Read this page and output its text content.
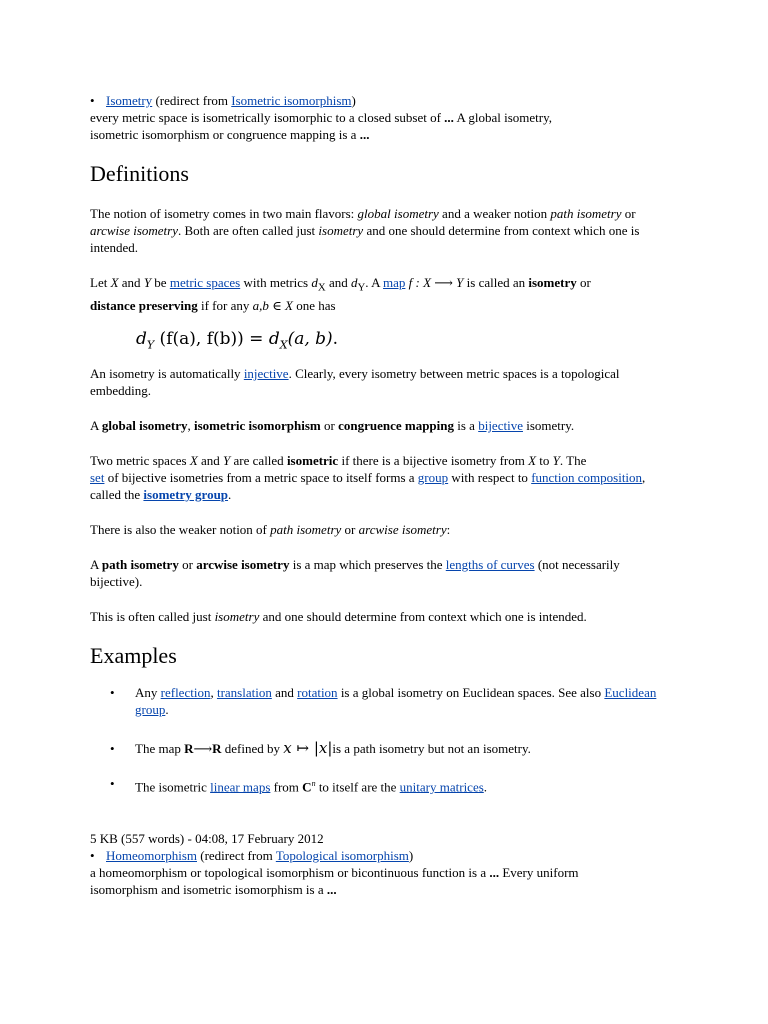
• Isometry (redirect from Isometric isomorphism)
every metric space is isometrically isomorphic to a closed subset of ... A global isometry,
isometric isomorphism or congruence mapping is a ...
Definitions

The notion of isometry comes in two main flavors: global isometry and a weaker notion path isometry or arcwise isometry. Both are often called just isometry and one should determine from context which one is intended.

Let X and Y be metric spaces with metrics $d_X$ and $d_Y$. A map f : X ⟶ Y is called an isometry or
distance preserving if for any a,b ∈ X one has

$d_Y$ (f(a), $f(b)) = d_X(a$, b).

An isometry is automatically injective. Clearly, every isometry between metric spaces is a topological embedding.

A global isometry, isometric isomorphism or congruence mapping is a bijective isometry.

Two metric spaces X and Y are called isometric if there is a bijective isometry from X to Y. The
set of bijective isometries from a metric space to itself forms a group with respect to function composition, called the isometry group.

There is also the weaker notion of path isometry or arcwise isometry:

A path isometry or arcwise isometry is a map which preserves the lengths of curves (not necessarily bijective).

This is often called just isometry and one should determine from context which one is intended.

Examples
• Any reflection, translation and rotation is a global isometry on Euclidean spaces. See also Euclidean group.
• The map R⟶R defined by x ↦ |x|is a path isometry but not an isometry.
• The isometric linear maps from $C^n$ to itself are the unitary matrices.
5 KB (557 words) - 04:08, 17 February 2012
• Homeomorphism (redirect from Topological isomorphism)
a homeomorphism or topological isomorphism or bicontinuous function is a ... Every uniform
isomorphism and isometric isomorphism is a ...
